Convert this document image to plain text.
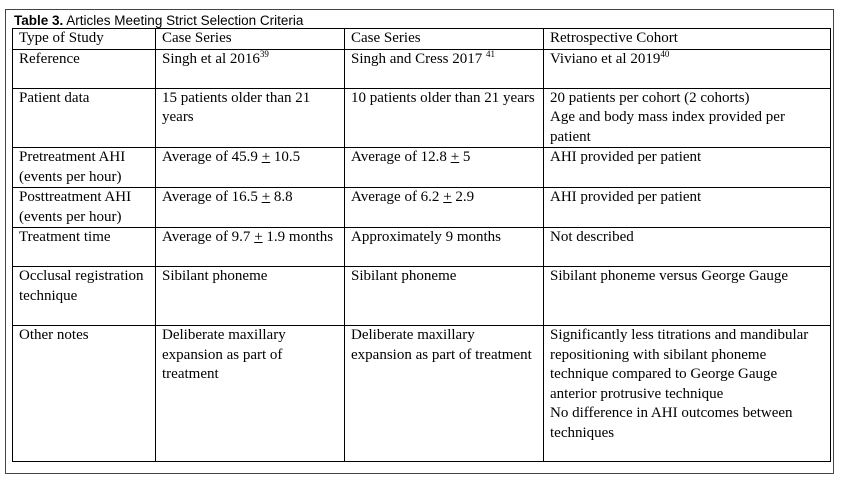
Table 3. Articles Meeting Strict Selection Criteria
Type of Study	Case Series	Case Series	Retrospective Cohort
Reference	Singh et al 2016$^{39}$	Singh and Cress 2017 $^{41}$	Viviano et al 2019$^{40}$
Patient data	15 patients older than 21 years	10 patients older than 21 years	20 patients per cohort (2 cohorts)
Age and body mass index provided per patient

Pretreatment AHI
(events per hour)	Average of 45.9 + 10.5	Average of 12.8 + 5	AHI provided per patient

Posttreatment AHI
(events per hour)	Average of 16.5 + 8.8	Average of 6.2 + 2.9	AHI provided per patient
Treatment time	Average of 9.7 + 1.9 months	Approximately 9 months	Not described
Occlusal registration technique	Sibilant phoneme	Sibilant phoneme	Sibilant phoneme versus George Gauge
Other notes	Deliberate maxillary expansion as part of treatment	Deliberate maxillary expansion as part of treatment	Significantly less titrations and mandibular repositioning with sibilant phoneme technique compared to George Gauge anterior protrusive technique
No difference in AHI outcomes between techniques
